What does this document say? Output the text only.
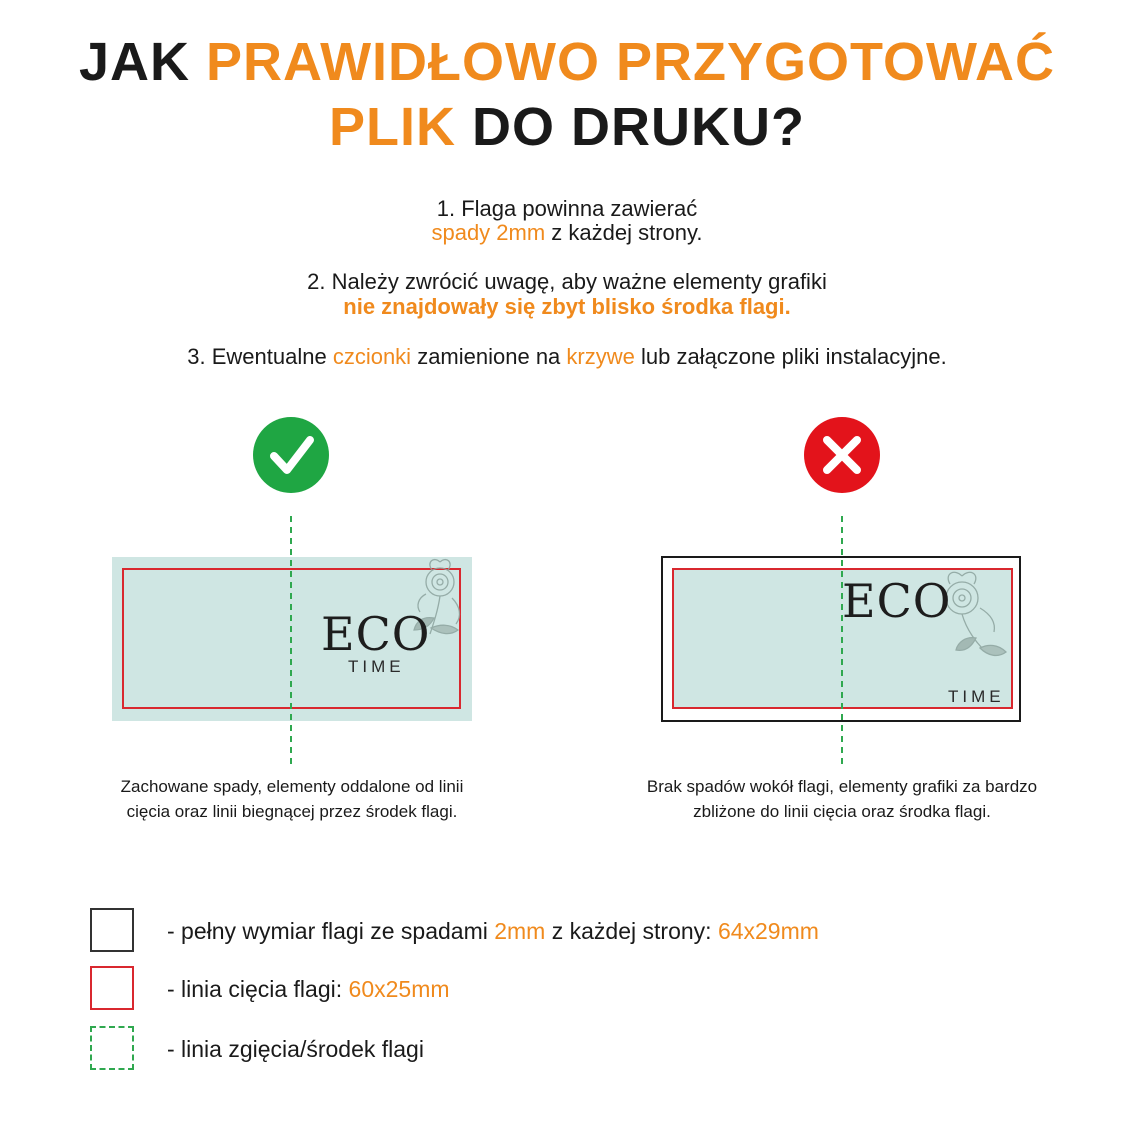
JAK PRAWIDŁOWO PRZYGOTOWAĆ
PLIK DO DRUKU?
1. Flaga powinna zawierać
spady 2mm z każdej strony.
2. Należy zwrócić uwagę, aby ważne elementy grafiki
nie znajdowały się zbyt blisko środka flagi.
3. Ewentualne czcionki zamienione na krzywe lub załączone pliki instalacyjne.
ECO
TIME
ECO
TIME
Zachowane spady, elementy oddalone od linii
cięcia oraz linii biegnącej przez środek flagi.
Brak spadów wokół flagi, elementy grafiki za bardzo
zbliżone do linii cięcia oraz środka flagi.
- pełny wymiar flagi ze spadami 2mm z każdej strony: 64x29mm
- linia cięcia flagi: 60x25mm
- linia zgięcia/środek flagi
